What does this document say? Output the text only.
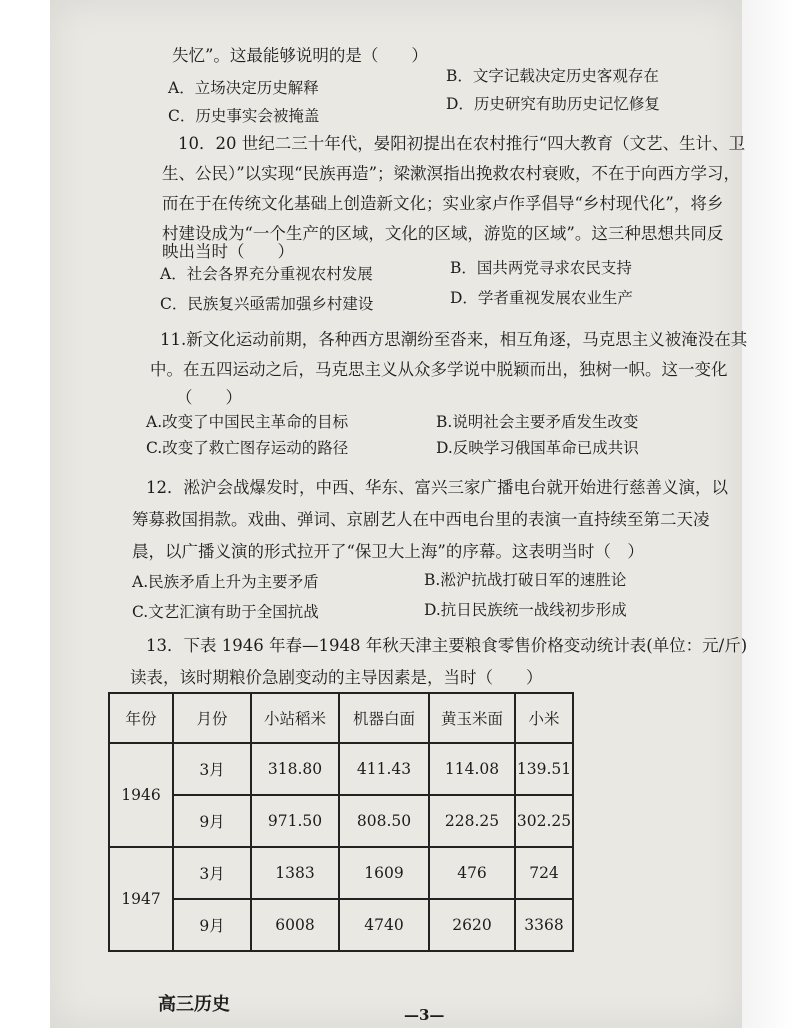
失忆”。这最能够说明的是（　　）
A．立场决定历史解释
B．文字记载决定历史客观存在
C．历史事实会被掩盖
D．历史研究有助历史记忆修复
10．20 世纪二三十年代，晏阳初提出在农村推行“四大教育（文艺、生计、卫
生、公民）”以实现“民族再造”；梁漱溟指出挽救农村衰败，不在于向西方学习，
而在于在传统文化基础上创造新文化；实业家卢作孚倡导“乡村现代化”，将乡
村建设成为“一个生产的区域，文化的区域，游览的区域”。这三种思想共同反
映出当时（　　）
A．社会各界充分重视农村发展	B．国共两党寻求农民支持
C．民族复兴亟需加强乡村建设	D．学者重视发展农业生产
11.新文化运动前期，各种西方思潮纷至沓来，相互角逐，马克思主义被淹没在其
中。在五四运动之后，马克思主义从众多学说中脱颖而出，独树一帜。这一变化
（　　）
A.改变了中国民主革命的目标	B.说明社会主要矛盾发生改变
C.改变了救亡图存运动的路径	D.反映学习俄国革命已成共识
12．淞沪会战爆发时，中西、华东、富兴三家广播电台就开始进行慈善义演，以
筹募救国捐款。戏曲、弹词、京剧艺人在中西电台里的表演一直持续至第二天凌
晨，以广播义演的形式拉开了“保卫大上海”的序幕。这表明当时（　）
A.民族矛盾上升为主要矛盾	B.淞沪抗战打破日军的速胜论
C.文艺汇演有助于全国抗战	D.抗日民族统一战线初步形成
13．下表 1946 年春—1948 年秋天津主要粮食零售价格变动统计表(单位：元/斤)
读表，该时期粮价急剧变动的主导因素是，当时（　　）
年份	月份	小站稻米	机器白面	黄玉米面	小米
1946	3月	318.80	411.43	114.08	139.51
	9月	971.50	808.50	228.25	302.25
1947	3月	1383	1609	476	724
	9月	6008	4740	2620	3368
高三历史	—3—
